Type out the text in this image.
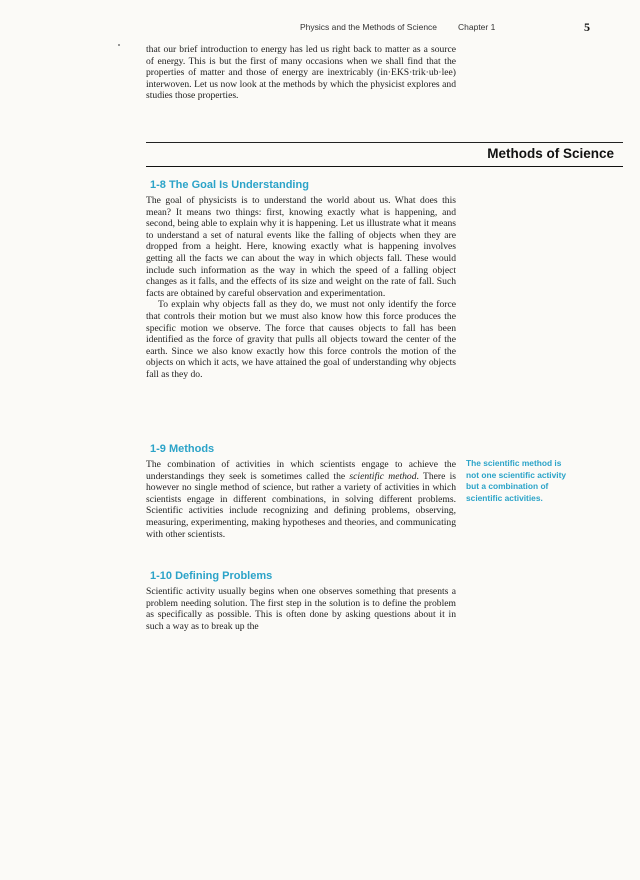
Physics and the Methods of Science Chapter 1	5

that our brief introduction to energy has led us right back to matter as a source of energy. This is but the first of many occasions when we shall find that the properties of matter and those of energy are inextricably (in·EKS·trik·ub·lee) interwoven. Let us now look at the methods by which the physicist explores and studies those properties.

Methods of Science
1-8 The Goal Is Understanding

The goal of physicists is to understand the world about us. What does this mean? It means two things: first, knowing exactly what is happening, and second, being able to explain why it is happening. Let us illustrate what it means to understand a set of natural events like the falling of objects when they are dropped from a height. Here, knowing exactly what is happening involves getting all the facts we can about the way in which objects fall. These would include such information as the way in which the speed of a falling object changes as it falls, and the effects of its size and weight on the rate of fall. Such facts are obtained by careful observation and experimentation.

To explain why objects fall as they do, we must not only identify the force that controls their motion but we must also know how this force produces the specific motion we observe. The force that causes objects to fall has been identified as the force of gravity that pulls all objects toward the center of the earth. Since we also know exactly how this force controls the motion of the objects on which it acts, we have attained the goal of understanding why objects fall as they do.

1-9 Methods

The combination of activities in which scientists engage to achieve the understandings they seek is sometimes called the scientific method. There is however no single method of science, but rather a variety of activities in which scientists engage in different combinations, in solving different problems. Scientific activities include recognizing and defining problems, observing, measuring, experimenting, making hypotheses and theories, and communicating with other scientists.

The scientific method is
not one scientific activity
but a combination of
scientific activities.
1-10 Defining Problems

Scientific activity usually begins when one observes something that presents a problem needing solution. The first step in the solution is to define the problem as specifically as possible. This is often done by asking questions about it in such a way as to break up the
